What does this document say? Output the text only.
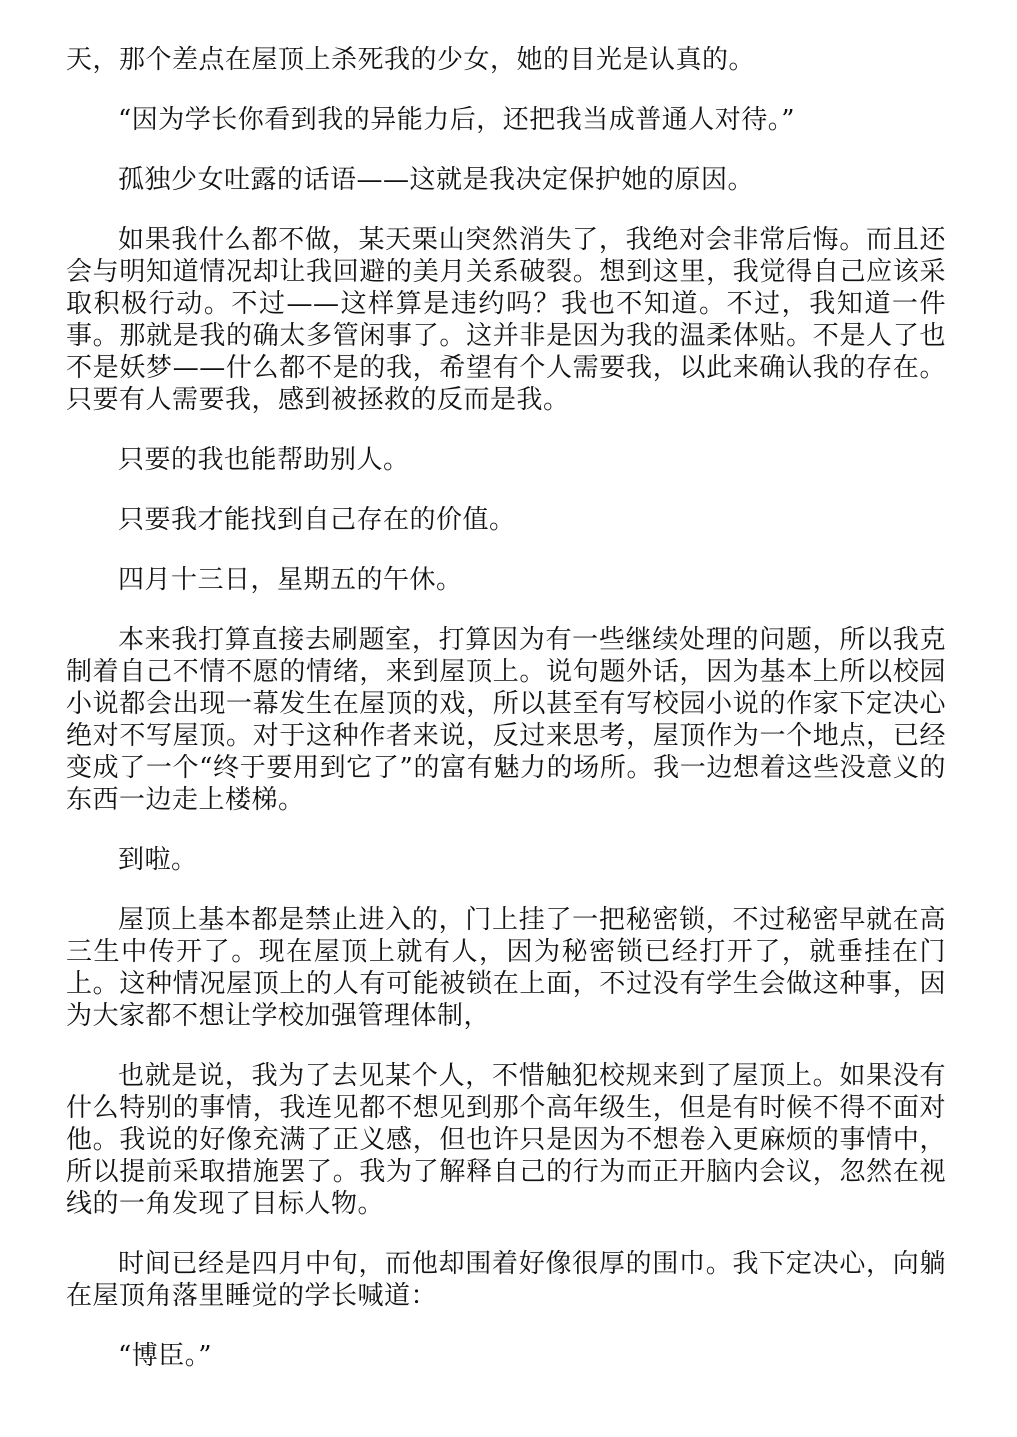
天，那个差点在屋顶上杀死我的少女，她的目光是认真的。

“因为学长你看到我的异能力后，还把我当成普通人对待。”

孤独少女吐露的话语——这就是我决定保护她的原因。

如果我什么都不做，某天栗山突然消失了，我绝对会非常后悔。而且还会与明知道情况却让我回避的美月关系破裂。想到这里，我觉得自己应该采取积极行动。不过——这样算是违约吗？我也不知道。不过，我知道一件事。那就是我的确太多管闲事了。这并非是因为我的温柔体贴。不是人了也不是妖梦——什么都不是的我，希望有个人需要我，以此来确认我的存在。只要有人需要我，感到被拯救的反而是我。

只要的我也能帮助别人。

只要我才能找到自己存在的价值。

四月十三日，星期五的午休。

本来我打算直接去刷题室，打算因为有一些继续处理的问题，所以我克制着自己不情不愿的情绪，来到屋顶上。说句题外话，因为基本上所以校园小说都会出现一幕发生在屋顶的戏，所以甚至有写校园小说的作家下定决心绝对不写屋顶。对于这种作者来说，反过来思考，屋顶作为一个地点，已经变成了一个“终于要用到它了”的富有魅力的场所。我一边想着这些没意义的东西一边走上楼梯。

到啦。

屋顶上基本都是禁止进入的，门上挂了一把秘密锁，不过秘密早就在高三生中传开了。现在屋顶上就有人，因为秘密锁已经打开了，就垂挂在门上。这种情况屋顶上的人有可能被锁在上面，不过没有学生会做这种事，因为大家都不想让学校加强管理体制，

也就是说，我为了去见某个人，不惜触犯校规来到了屋顶上。如果没有什么特别的事情，我连见都不想见到那个高年级生，但是有时候不得不面对他。我说的好像充满了正义感，但也许只是因为不想卷入更麻烦的事情中，所以提前采取措施罢了。我为了解释自己的行为而正开脑内会议，忽然在视线的一角发现了目标人物。

时间已经是四月中旬，而他却围着好像很厚的围巾。我下定决心，向躺在屋顶角落里睡觉的学长喊道：

“博臣。”
